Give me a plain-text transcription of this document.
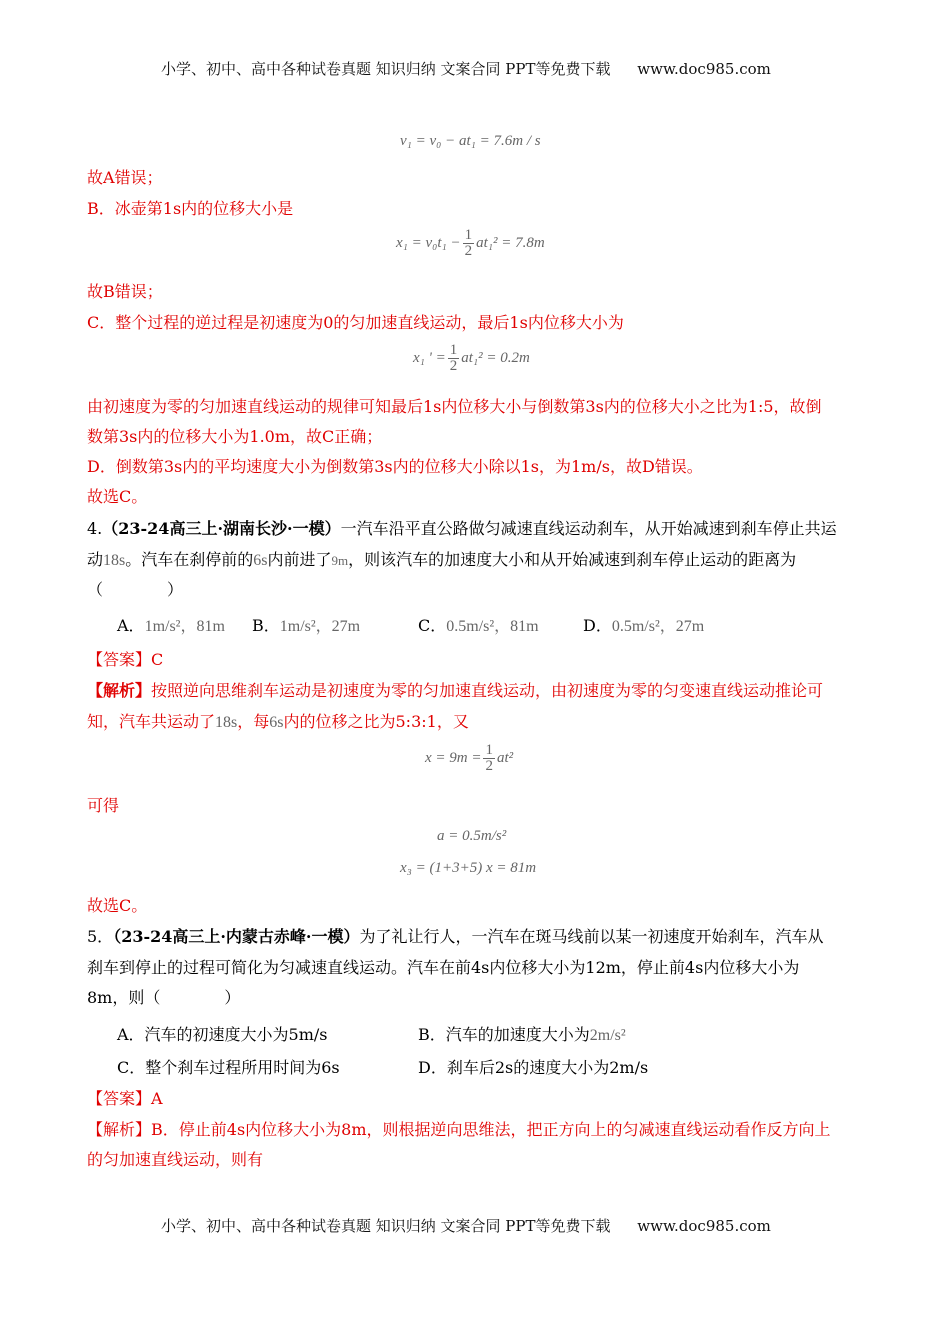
小学、初中、高中各种试卷真题 知识归纳 文案合同 PPT等免费下载 www.doc985.com
v₁ = v₀ − at₁ = 7.6m / s
故A错误；
B．冰壶第1s内的位移大小是
$x_1 = v_0t_1 - \frac{1}{2} at_1^2 = 7.8m$
故B错误；
C．整个过程的逆过程是初速度为0的匀加速直线运动，最后1s内位移大小为
x₁ ' = $\frac{1}{2} at_1^2 = 0.2m$
由初速度为零的匀加速直线运动的规律可知最后1s内位移大小与倒数第3s内的位移大小之比为1:5，故倒
数第3s内的位移大小为1.0m，故C正确；
D．倒数第3s内的平均速度大小为倒数第3s内的位移大小除以1s，为1m/s，故D错误。
故选C。
4.（23-24高三上·湖南长沙·一模）一汽车沿平直公路做匀减速直线运动刹车，从开始减速到刹车停止共运
动18s。汽车在刹停前的6s内前进了9m，则该汽车的加速度大小和从开始减速到刹车停止运动的距离为
（　　　　）
A．1m/s²，81m B．1m/s²，27m	C．0.5m/s²，81m	D．0.5m/s²，27m
【答案】C
【解析】按照逆向思维刹车运动是初速度为零的匀加速直线运动，由初速度为零的匀变速直线运动推论可
知，汽车共运动了18s，每6s内的位移之比为5:3:1，又
$x = 9m = \frac{1}{2} at^2$
可得
a = 0.5m/s²
x₃ = (1+3+5) x = 81m
故选C。
5．（23-24高三上·内蒙古赤峰·一模）为了礼让行人，一汽车在斑马线前以某一初速度开始刹车，汽车从
刹车到停止的过程可简化为匀减速直线运动。汽车在前4s内位移大小为12m，停止前4s内位移大小为
8m，则（　　　　）
A．汽车的初速度大小为5m/s	B．汽车的加速度大小为2m/s²
C．整个刹车过程所用时间为6s	D．刹车后2s的速度大小为2m/s
【答案】A
【解析】B．停止前4s内位移大小为8m，则根据逆向思维法，把正方向上的匀减速直线运动看作反方向上
的匀加速直线运动，则有
小学、初中、高中各种试卷真题 知识归纳 文案合同 PPT等免费下载 www.doc985.com
